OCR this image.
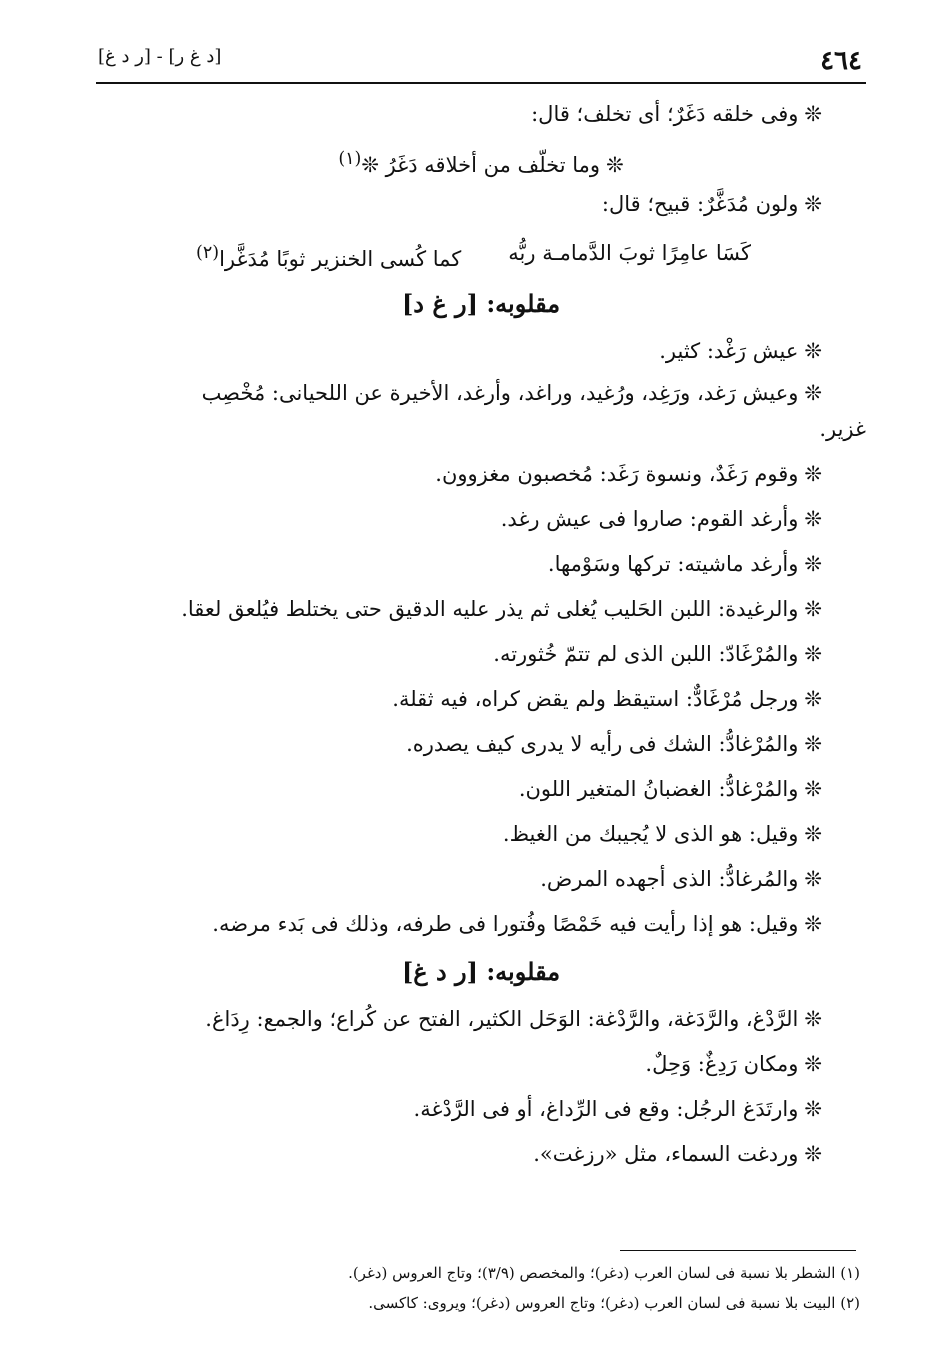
٤٦٤
[د غ ر] - [ر د غ]
❊وفى خلقه دَغَرٌ؛ أى تخلف؛ قال:
❊وما تخلّف من أخلاقه دَغَرُ ❊$^{(١)}$
❊ولون مُدَغَّرٌ: قبيح؛ قال:
كَسَا عامِرًا ثوبَ الدَّمامـة ربُّه
كما كُسى الخنزير ثوبًا مُدَغَّرا$^{(٢)}$
مقلوبه: [ر غ د]
❊عيش رَغْد: كثير.
❊وعيش رَغد، ورَغِد، ورُغيد، وراغد، وأرغد، الأخيرة عن اللحيانى: مُخْصِب
غزير.
❊وقوم رَغَدٌ، ونسوة رَغَد: مُخصبون مغزوون.
❊وأرغد القوم: صاروا فى عيش رغد.
❊وأرغد ماشيته: تركها وسَوْمها.
❊والرغيدة: اللبن الحَليب يُغلى ثم يذر عليه الدقيق حتى يختلط فيُلعق لعقا.
❊والمُرْغَادّ: اللبن الذى لم تتمّ خُثورته.
❊ورجل مُرْغَادٌّ: استيقظ ولم يقض كراه، فيه ثقلة.
❊والمُرْغادُّ: الشك فى رأيه لا يدرى كيف يصدره.
❊والمُرْغادُّ: الغضبانُ المتغير اللون.
❊وقيل: هو الذى لا يُجيبك من الغيظ.
❊والمُرغادُّ: الذى أجهده المرض.
❊وقيل: هو إذا رأيت فيه خَمْصًا وفُتورا فى طرفه، وذلك فى بَدء مرضه.
مقلوبه: [ر د غ]
❊الرَّدْغ، والرَّدَغة، والرَّدْغة: الوَحَل الكثير، الفتح عن كُراع؛ والجمع: رِدَاغ.
❊ومكان رَدِغٌ: وَحِلٌ.
❊وارتَدَغ الرجُل: وقع فى الرِّداغ، أو فى الرَّدْغة.
❊وردغت السماء، مثل «رزغت».
(١) الشطر بلا نسبة فى لسان العرب (دغر)؛ والمخصص (٣/٩)؛ وتاج العروس (دغر).
(٢) البيت بلا نسبة فى لسان العرب (دغر)؛ وتاج العروس (دغر)؛ ويروى: كاكسى.
